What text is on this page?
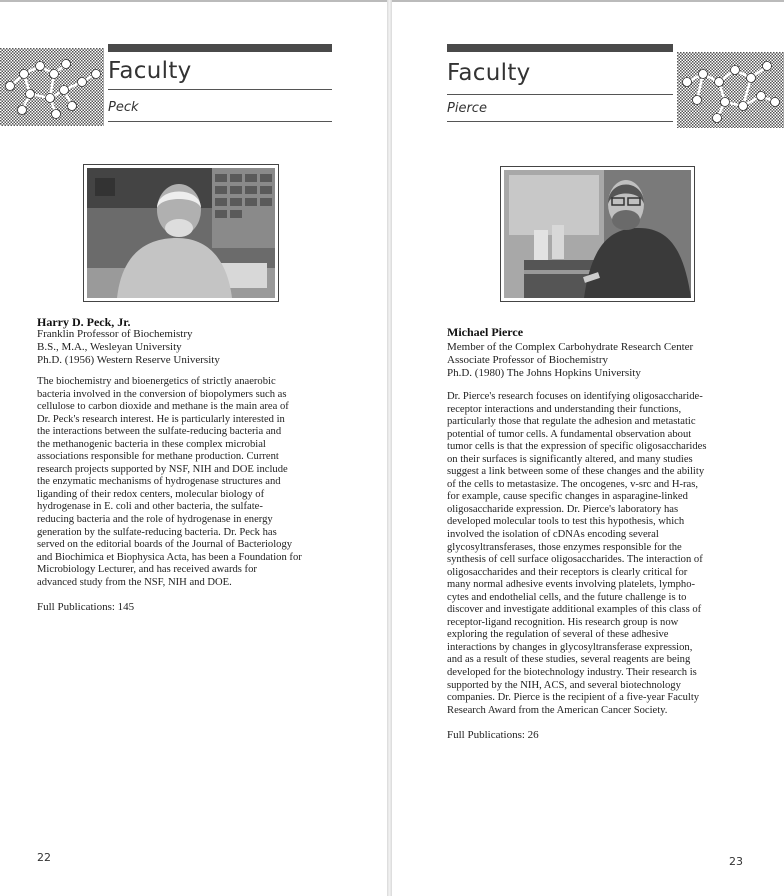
Faculty
Peck
Harry D. Peck, Jr.
Franklin Professor of Biochemistry
B.S., M.A., Wesleyan University
Ph.D. (1956) Western Reserve University
The biochemistry and bioenergetics of strictly anaerobic
bacteria involved in the conversion of biopolymers such as
cellulose to carbon dioxide and methane is the main area of
Dr. Peck's research interest. He is particularly interested in
the interactions between the sulfate-reducing bacteria and
the methanogenic bacteria in these complex microbial
associations responsible for methane production. Current
research projects supported by NSF, NIH and DOE include
the enzymatic mechanisms of hydrogenase structures and
liganding of their redox centers, molecular biology of
hydrogenase in E. coli and other bacteria, the sulfate-
reducing bacteria and the role of hydrogenase in energy
generation by the sulfate-reducing bacteria. Dr. Peck has
served on the editorial boards of the Journal of Bacteriology
and Biochimica et Biophysica Acta, has been a Foundation for
Microbiology Lecturer, and has received awards for
advanced study from the NSF, NIH and DOE.
Full Publications: 145
22
Faculty
Pierce
Michael Pierce
Member of the Complex Carbohydrate Research Center
Associate Professor of Biochemistry
Ph.D. (1980) The Johns Hopkins University
Dr. Pierce's research focuses on identifying oligosaccharide-
receptor interactions and understanding their functions,
particularly those that regulate the adhesion and metastatic
potential of tumor cells. A fundamental observation about
tumor cells is that the expression of specific oligosaccharides
on their surfaces is significantly altered, and many studies
suggest a link between some of these changes and the ability
of the cells to metastasize. The oncogenes, v-src and H-ras,
for example, cause specific changes in asparagine-linked
oligosaccharide expression. Dr. Pierce's laboratory has
developed molecular tools to test this hypothesis, which
involved the isolation of cDNAs encoding several
glycosyltransferases, those enzymes responsible for the
synthesis of cell surface oligosaccharides. The interaction of
oligosaccharides and their receptors is clearly critical for
many normal adhesive events involving platelets, lympho-
cytes and endothelial cells, and the future challenge is to
discover and investigate additional examples of this class of
receptor-ligand recognition. His research group is now
exploring the regulation of several of these adhesive
interactions by changes in glycosyltransferase expression,
and as a result of these studies, several reagents are being
developed for the biotechnology industry. Their research is
supported by the NIH, ACS, and several biotechnology
companies. Dr. Pierce is the recipient of a five-year Faculty
Research Award from the American Cancer Society.
Full Publications: 26
23
